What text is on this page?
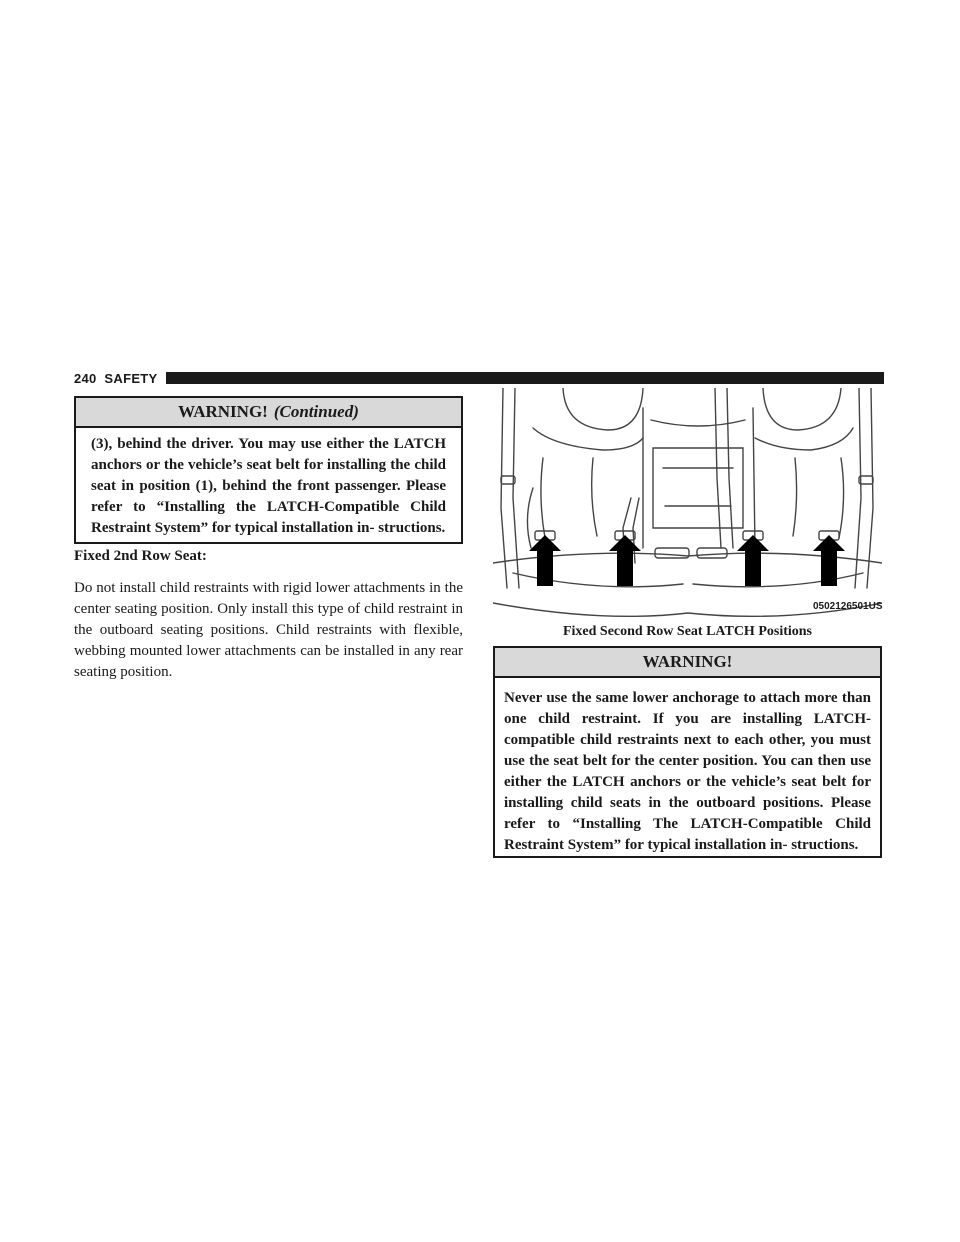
240 SAFETY
WARNING! (Continued)
(3), behind the driver. You may use either the LATCH anchors or the vehicle’s seat belt for installing the child seat in position (1), behind the front passenger. Please refer to “Installing the LATCH-Compatible Child Restraint System” for typical installation in- structions.
Fixed 2nd Row Seat:
Do not install child restraints with rigid lower attachments in the center seating position. Only install this type of child restraint in the outboard seating positions. Child restraints with flexible, webbing mounted lower attachments can be installed in any rear seating position.
0502126501US
Fixed Second Row Seat LATCH Positions
WARNING!
Never use the same lower anchorage to attach more than one child restraint. If you are installing LATCH- compatible child restraints next to each other, you must use the seat belt for the center position. You can then use either the LATCH anchors or the vehicle’s seat belt for installing child seats in the outboard positions. Please refer to “Installing The LATCH-Compatible Child Restraint System” for typical installation in- structions.
